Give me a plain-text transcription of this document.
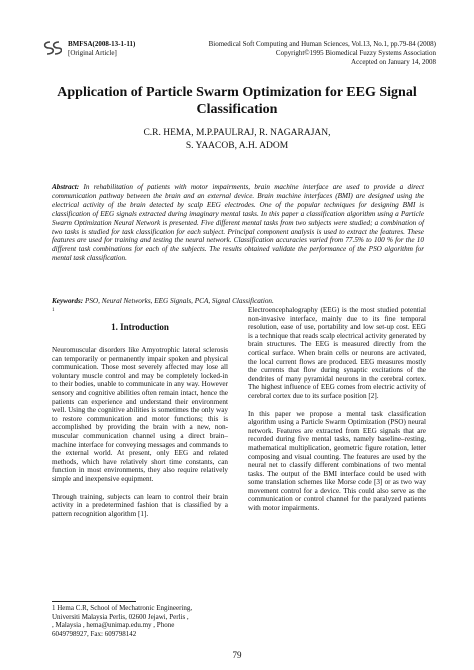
BMFSA(2008-13-1-11)
[Original Article]
Biomedical Soft Computing and Human Sciences, Vol.13, No.1, pp.79-84 (2008)
Copyright©1995 Biomedical Fuzzy Systems Association
Accepted on January 14, 2008
Application of Particle Swarm Optimization for EEG Signal Classification
C.R. HEMA, M.P.PAULRAJ, R. NAGARAJAN,
S. YAACOB, A.H. ADOM

Abstract: In rehabilitation of patients with motor impairments, brain machine interface are used to provide a direct communication pathway between the brain and an external device. Brain machine interfaces (BMI) are designed using the electrical activity of the brain detected by scalp EEG electrodes. One of the popular techniques for designing BMI is classification of EEG signals extracted during imaginary mental tasks. In this paper a classification algorithm using a Particle Swarm Optimization Neural Network is presented. Five different mental tasks from two subjects were studied; a combination of two tasks is studied for task classification for each subject. Principal component analysis is used to extract the features. These features are used for training and testing the neural network. Classification accuracies varied from 77.5% to 100 % for the 10 different task combinations for each of the subjects. The results obtained validate the performance of the PSO algorithm for mental task classification.

Keywords: PSO, Neural Networks, EEG Signals, PCA, Signal Classification.

1
1. Introduction

Neuromuscular disorders like Amyotrophic lateral sclerosis can temporarily or permanently impair spoken and physical communication. Those most severely affected may lose all voluntary muscle control and may be completely locked-in to their bodies, unable to communicate in any way. However sensory and cognitive abilities often remain intact, hence the patients can experience and understand their environment well. Using the cognitive abilities is sometimes the only way to restore communication and motor functions; this is accomplished by providing the brain with a new, non-muscular communication channel using a direct brain–machine interface for conveying messages and commands to the external world. At present, only EEG and related methods, which have relatively short time constants, can function in most environments, they also require relatively simple and inexpensive equipment.

Through training, subjects can learn to control their brain activity in a predetermined fashion that is classified by a pattern recognition algorithm [1].

Electroencephalography (EEG) is the most studied potential non-invasive interface, mainly due to its fine temporal resolution, ease of use, portability and low set-up cost. EEG is a technique that reads scalp electrical activity generated by brain structures. The EEG is measured directly from the cortical surface. When brain cells or neurons are activated, the local current flows are produced. EEG measures mostly the currents that flow during synaptic excitations of the dendrites of many pyramidal neurons in the cerebral cortex. The highest influence of EEG comes from electric activity of cerebral cortex due to its surface position [2].

In this paper we propose a mental task classification algorithm using a Particle Swarm Optimization (PSO) neural network. Features are extracted from EEG signals that are recorded during five mental tasks, namely baseline–resting, mathematical multiplication, geometric figure rotation, letter composing and visual counting. The features are used by the neural net to classify different combinations of two mental tasks. The output of the BMI interface could be used with some translation schemes like Morse code [3] or as two way movement control for a device. This could also serve as the communication or control channel for the paralyzed patients with motor impairments.

1 Hema C.R, School of Mechatronic Engineering,
Universiti Malaysia Perlis, 02600 Jejawi, Perlis ,
, Malaysia , hema@unimap.edu.my , Phone
6049798927, Fax: 609798142
79
